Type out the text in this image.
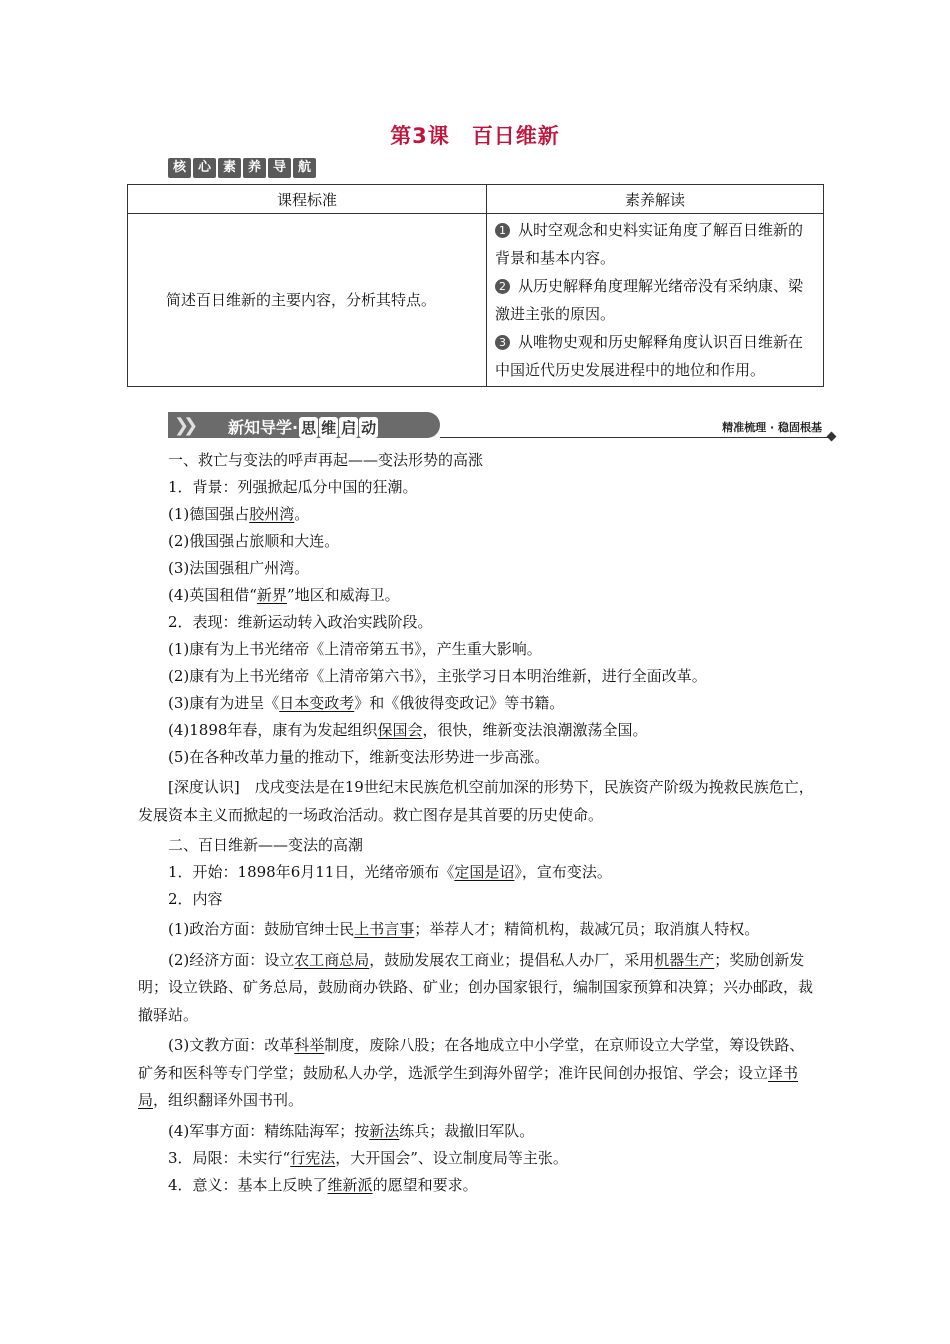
第3课 百日维新
核 心 素 养 导 航
课程标准	素养解读

简述百日维新的主要内容，分析其特点。	1 从时空观念和史料实证角度了解百日维新的背景和基本内容。

2 从历史解释角度理解光绪帝没有采纳康、梁激进主张的原因。

3 从唯物史观和历史解释角度认识百日维新在中国近代历史发展进程中的地位和作用。

❯❯ 新知导学· 思 维 启 动	精准梳理 · 稳固根基

一、救亡与变法的呼声再起——变法形势的高涨

1．背景：列强掀起瓜分中国的狂潮。

(1)德国强占胶州湾。

(2)俄国强占旅顺和大连。

(3)法国强租广州湾。

(4)英国租借“新界”地区和威海卫。

2．表现：维新运动转入政治实践阶段。

(1)康有为上书光绪帝《上清帝第五书》，产生重大影响。

(2)康有为上书光绪帝《上清帝第六书》，主张学习日本明治维新，进行全面改革。

(3)康有为进呈《日本变政考》和《俄彼得变政记》等书籍。

(4)1898年春，康有为发起组织保国会，很快，维新变法浪潮激荡全国。

(5)在各种改革力量的推动下，维新变法形势进一步高涨。

[深度认识]　戊戌变法是在19世纪末民族危机空前加深的形势下，民族资产阶级为挽救民族危亡，发展资本主义而掀起的一场政治活动。救亡图存是其首要的历史使命。

二、百日维新——变法的高潮

1．开始：1898年6月11日，光绪帝颁布《定国是诏》，宣布变法。

2．内容

(1)政治方面：鼓励官绅士民上书言事；举荐人才；精简机构，裁减冗员；取消旗人特权。

(2)经济方面：设立农工商总局，鼓励发展农工商业；提倡私人办厂，采用机器生产；奖励创新发明；设立铁路、矿务总局，鼓励商办铁路、矿业；创办国家银行，编制国家预算和决算；兴办邮政，裁撤驿站。

(3)文教方面：改革科举制度，废除八股；在各地成立中小学堂，在京师设立大学堂，筹设铁路、矿务和医科等专门学堂；鼓励私人办学，选派学生到海外留学；准许民间创办报馆、学会；设立译书局，组织翻译外国书刊。

(4)军事方面：精练陆海军；按新法练兵；裁撤旧军队。

3．局限：未实行“行宪法，大开国会”、设立制度局等主张。

4．意义：基本上反映了维新派的愿望和要求。
